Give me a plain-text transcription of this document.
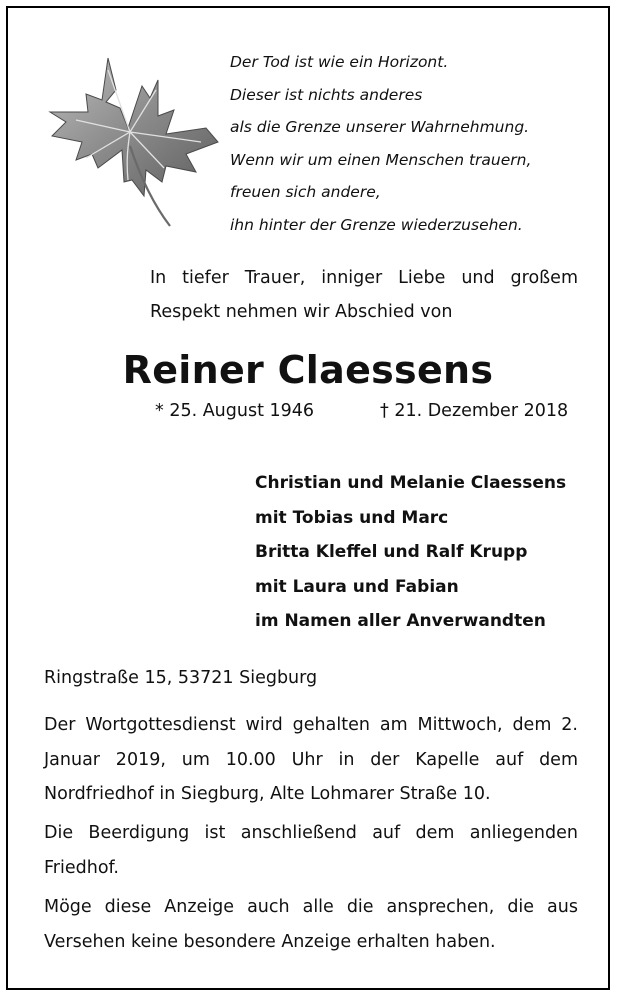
Der Tod ist wie ein Horizont.
Dieser ist nichts anderes
als die Grenze unserer Wahrnehmung.
Wenn wir um einen Menschen trauern,
freuen sich andere,
ihn hinter der Grenze wiederzusehen.
In tiefer Trauer, inniger Liebe und großem Respekt nehmen wir Abschied von
Reiner Claessens
* 25. August 1946	† 21. Dezember 2018
Christian und Melanie Claessens
mit Tobias und Marc
Britta Kleffel und Ralf Krupp
mit Laura und Fabian
im Namen aller Anverwandten
Ringstraße 15, 53721 Siegburg
Der Wortgottesdienst wird gehalten am Mittwoch, dem 2. Januar 2019, um 10.00 Uhr in der Kapelle auf dem Nordfriedhof in Siegburg, Alte Lohmarer Straße 10.
Die Beerdigung ist anschließend auf dem anliegenden Friedhof.
Möge diese Anzeige auch alle die ansprechen, die aus Versehen keine besondere Anzeige erhalten haben.
